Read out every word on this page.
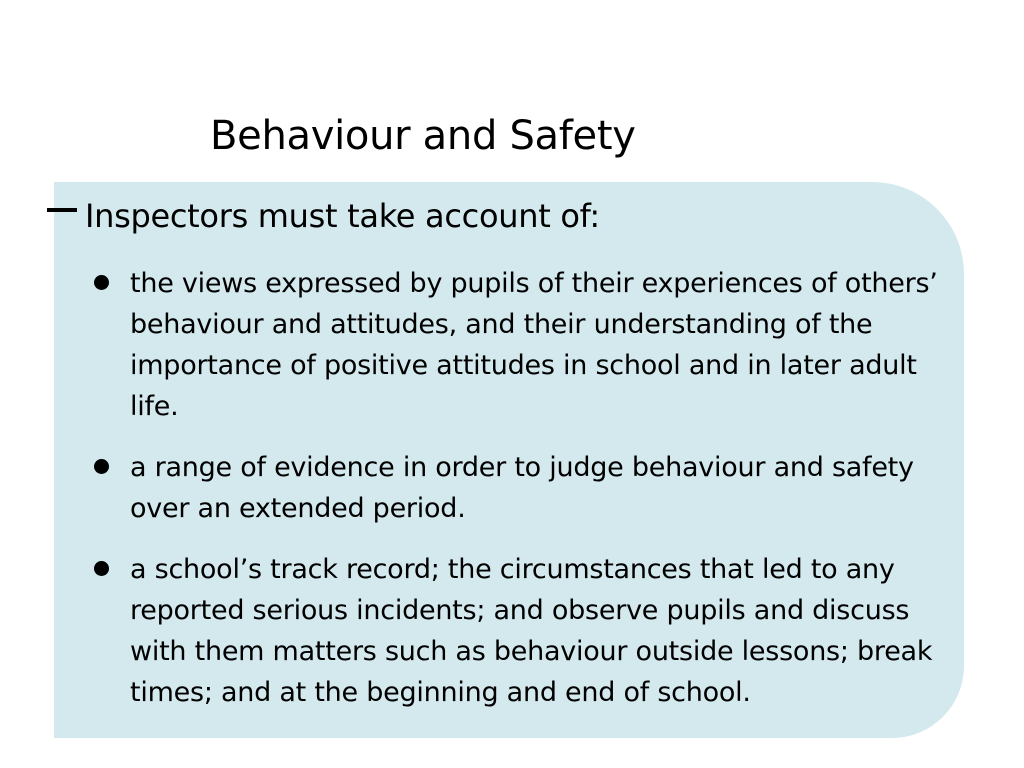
Behaviour and Safety
Inspectors must take account of:
the views expressed by pupils of their experiences of others’ behaviour and attitudes, and their understanding of the importance of positive attitudes in school and in later adult life.
a range of evidence in order to judge behaviour and safety over an extended period.
a school’s track record; the circumstances that led to any reported serious incidents; and observe pupils and discuss with them matters such as behaviour outside lessons; break times; and at the beginning and end of school.
